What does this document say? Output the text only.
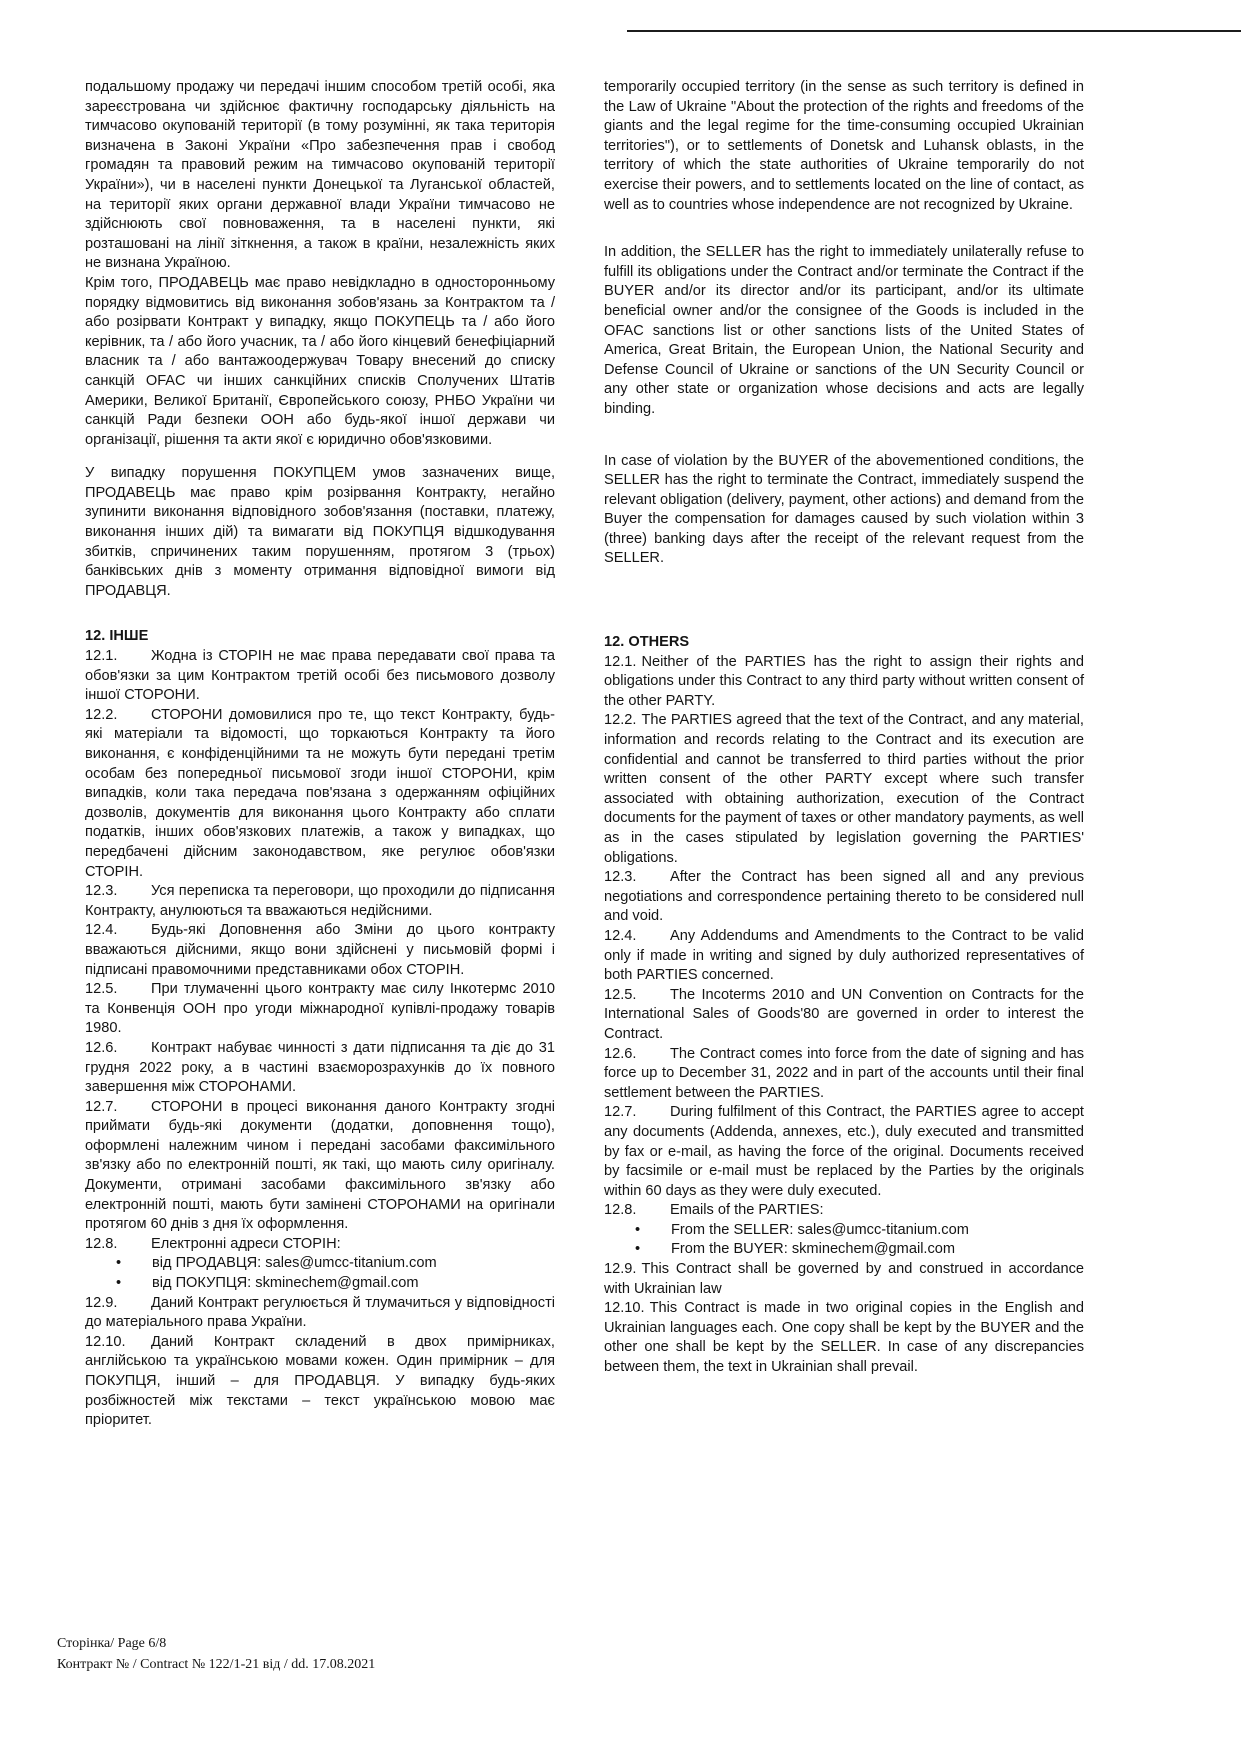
подальшому продажу чи передачі іншим способом третій особі, яка зареєстрована чи здійснює фактичну господарську діяльність на тимчасово окупованій території (в тому розумінні, як така територія визначена в Законі України «Про забезпечення прав і свобод громадян та правовий режим на тимчасово окупованій території України»), чи в населені пункти Донецької та Луганської областей, на території яких органи державної влади України тимчасово не здійснюють свої повноваження, та в населені пункти, які розташовані на лінії зіткнення, а також в країни, незалежність яких не визнана Україною.

Крім того, ПРОДАВЕЦЬ має право невідкладно в односторонньому порядку відмовитись від виконання зобов'язань за Контрактом та / або розірвати Контракт у випадку, якщо ПОКУПЕЦЬ та / або його керівник, та / або його учасник, та / або його кінцевий бенефіціарний власник та / або вантажоодержувач Товару внесений до списку санкцій OFAC чи інших санкційних списків Сполучених Штатів Америки, Великої Британії, Європейського союзу, РНБО України чи санкцій Ради безпеки ООН або будь-якої іншої держави чи організації, рішення та акти якої є юридично обов'язковими.

У випадку порушення ПОКУПЦЕМ умов зазначених вище, ПРОДАВЕЦЬ має право крім розірвання Контракту, негайно зупинити виконання відповідного зобов'язання (поставки, платежу, виконання інших дій) та вимагати від ПОКУПЦЯ відшкодування збитків, спричинених таким порушенням, протягом 3 (трьох) банківських днів з моменту отримання відповідної вимоги від ПРОДАВЦЯ.

12. ІНШЕ

12.1. Жодна із СТОРІН не має права передавати свої права та обов'язки за цим Контрактом третій особі без письмового дозволу іншої СТОРОНИ.

12.2. СТОРОНИ домовилися про те, що текст Контракту, будь-які матеріали та відомості, що торкаються Контракту та його виконання, є конфіденційними та не можуть бути передані третім особам без попередньої письмової згоди іншої СТОРОНИ, крім випадків, коли така передача пов'язана з одержанням офіційних дозволів, документів для виконання цього Контракту або сплати податків, інших обов'язкових платежів, а також у випадках, що передбачені дійсним законодавством, яке регулює обов'язки СТОРІН.

12.3. Уся переписка та переговори, що проходили до підписання Контракту, анулюються та вважаються недійсними.

12.4. Будь-які Доповнення або Зміни до цього контракту вважаються дійсними, якщо вони здійснені у письмовій формі і підписані правомочними представниками обох СТОРІН.

12.5. При тлумаченні цього контракту має силу Інкотермс 2010 та Конвенція ООН про угоди міжнародної купівлі-продажу товарів 1980.

12.6. Контракт набуває чинності з дати підписання та діє до 31 грудня 2022 року, а в частині взаєморозрахунків до їх повного завершення між СТОРОНАМИ.

12.7. СТОРОНИ в процесі виконання даного Контракту згодні приймати будь-які документи (додатки, доповнення тощо), оформлені належним чином і передані засобами факсимільного зв'язку або по електронній пошті, як такі, що мають силу оригіналу. Документи, отримані засобами факсимільного зв'язку або електронній пошті, мають бути замінені СТОРОНАМИ на оригінали протягом 60 днів з дня їх оформлення.

12.8. Електронні адреси СТОРІН:

• від ПРОДАВЦЯ: sales@umcc-titanium.com
• від ПОКУПЦЯ: skminechem@gmail.com

12.9. Даний Контракт регулюється й тлумачиться у відповідності до матеріального права України.

12.10. Даний Контракт складений в двох примірниках, англійською та українською мовами кожен. Один примірник – для ПОКУПЦЯ, інший – для ПРОДАВЦЯ. У випадку будь-яких розбіжностей між текстами – текст українською мовою має пріоритет.

temporarily occupied territory (in the sense as such territory is defined in the Law of Ukraine "About the protection of the rights and freedoms of the giants and the legal regime for the time-consuming occupied Ukrainian territories"), or to settlements of Donetsk and Luhansk oblasts, in the territory of which the state authorities of Ukraine temporarily do not exercise their powers, and to settlements located on the line of contact, as well as to countries whose independence are not recognized by Ukraine.

In addition, the SELLER has the right to immediately unilaterally refuse to fulfill its obligations under the Contract and/or terminate the Contract if the BUYER and/or its director and/or its participant, and/or its ultimate beneficial owner and/or the consignee of the Goods is included in the OFAC sanctions list or other sanctions lists of the United States of America, Great Britain, the European Union, the National Security and Defense Council of Ukraine or sanctions of the UN Security Council or any other state or organization whose decisions and acts are legally binding.

In case of violation by the BUYER of the abovementioned conditions, the SELLER has the right to terminate the Contract, immediately suspend the relevant obligation (delivery, payment, other actions) and demand from the Buyer the compensation for damages caused by such violation within 3 (three) banking days after the receipt of the relevant request from the SELLER.

12. OTHERS

12.1. Neither of the PARTIES has the right to assign their rights and obligations under this Contract to any third party without written consent of the other PARTY.

12.2. The PARTIES agreed that the text of the Contract, and any material, information and records relating to the Contract and its execution are confidential and cannot be transferred to third parties without the prior written consent of the other PARTY except where such transfer associated with obtaining authorization, execution of the Contract documents for the payment of taxes or other mandatory payments, as well as in the cases stipulated by legislation governing the PARTIES' obligations.

12.3. After the Contract has been signed all and any previous negotiations and correspondence pertaining thereto to be considered null and void.

12.4. Any Addendums and Amendments to the Contract to be valid only if made in writing and signed by duly authorized representatives of both PARTIES concerned.

12.5. The Incoterms 2010 and UN Convention on Contracts for the International Sales of Goods'80 are governed in order to interest the Contract.

12.6. The Contract comes into force from the date of signing and has force up to December 31, 2022 and in part of the accounts until their final settlement between the PARTIES.

12.7. During fulfilment of this Contract, the PARTIES agree to accept any documents (Addenda, annexes, etc.), duly executed and transmitted by fax or e-mail, as having the force of the original. Documents received by facsimile or e-mail must be replaced by the Parties by the originals within 60 days as they were duly executed.

12.8. Emails of the PARTIES:

• From the SELLER: sales@umcc-titanium.com
• From the BUYER: skminechem@gmail.com

12.9. This Contract shall be governed by and construed in accordance with Ukrainian law

12.10. This Contract is made in two original copies in the English and Ukrainian languages each. One copy shall be kept by the BUYER and the other one shall be kept by the SELLER. In case of any discrepancies between them, the text in Ukrainian shall prevail.

Сторінка/ Page 6/8
Контракт № / Contract № 122/1-21 від / dd. 17.08.2021
